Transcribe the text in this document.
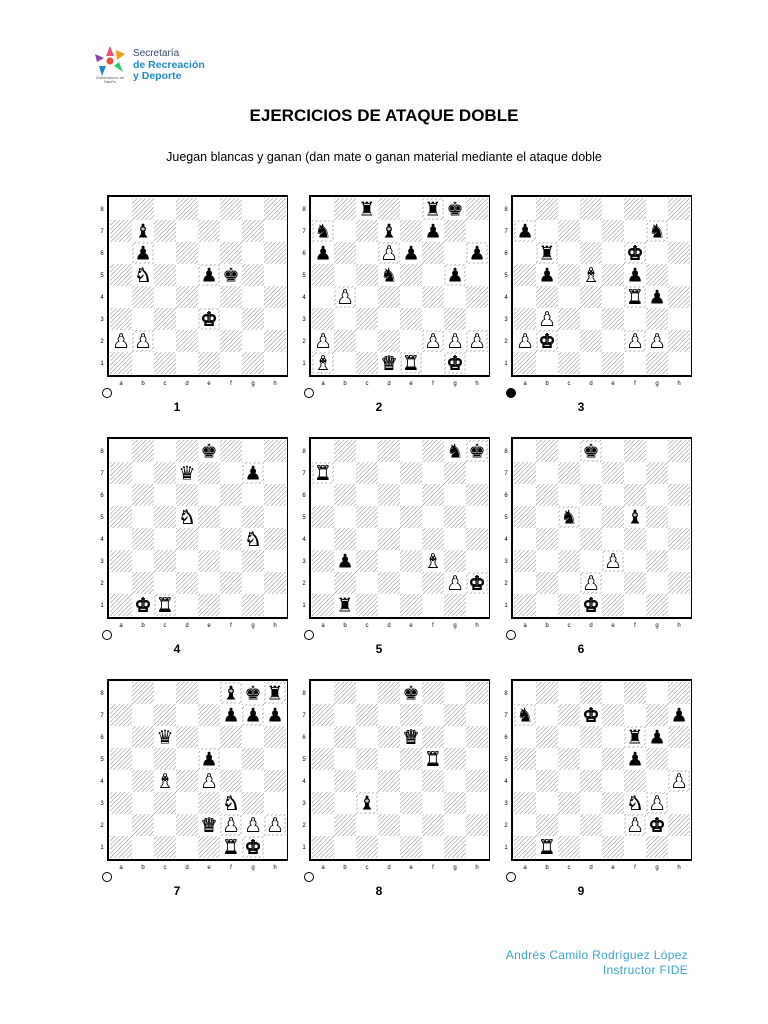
Secretaría
de Recreación
y Deporte
Gobernación de Nariño
EJERCICIOS DE ATAQUE DOBLE
Juegan blancas y ganan (dan mate o ganan material mediante el ataque doble
8
7
6
5
4
3
2
1
a	b	c	d	e	f	g	h
♝
♟
♞	♟ ♚
♚
♟ ♟
1
8
7
6
5
4
3
2
1
a	b	c	d	e	f	g	h
♜	♜ ♚
♞	♝ ♟
♟	♟ ♟	♟
♞	♟
♟
♟	♟ ♟ ♟
♝	♛ ♜ ♚
2
8
7
6
5
4
3
2
1
a	b	c	d	e	f	g	h
♞
♟
♜	♚
♟ ♝ ♟
♜ ♟
♟
♟ ♚	♟ ♟
3
8
7
6
5
4
3
2
1
a	b	c	d	e	f	g	h
♚
♛	♟
♞
♞
♚ ♜
4
8
7
6
5
4
3
2
1
a	b	c	d	e	f	g	h
♞ ♚
♜
♟	♝
♟ ♚
♜
5
8
7
6
5
4
3
2
1
a	b	c	d	e	f	g	h
♚
♞	♝
♟
♟
♚
6
8
7
6
5
4
3
2
1
a	b	c	d	e	f	g	h
♝ ♚ ♜
♟ ♟ ♟
♛
♟
♝ ♟
♞
♛ ♟ ♟ ♟
♜ ♚
7
8
7
6
5
4
3
2
1
a	b	c	d	e	f	g	h
♚
♛
♜
♝
8
8
7
6
5
4
3
2
1
a	b	c	d	e	f	g	h
♞	♚	♟
♜ ♟
♟
♟
♞ ♟
♟ ♚
♜
9
Andrés Camilo Rodríguez López
Instructor FIDE
